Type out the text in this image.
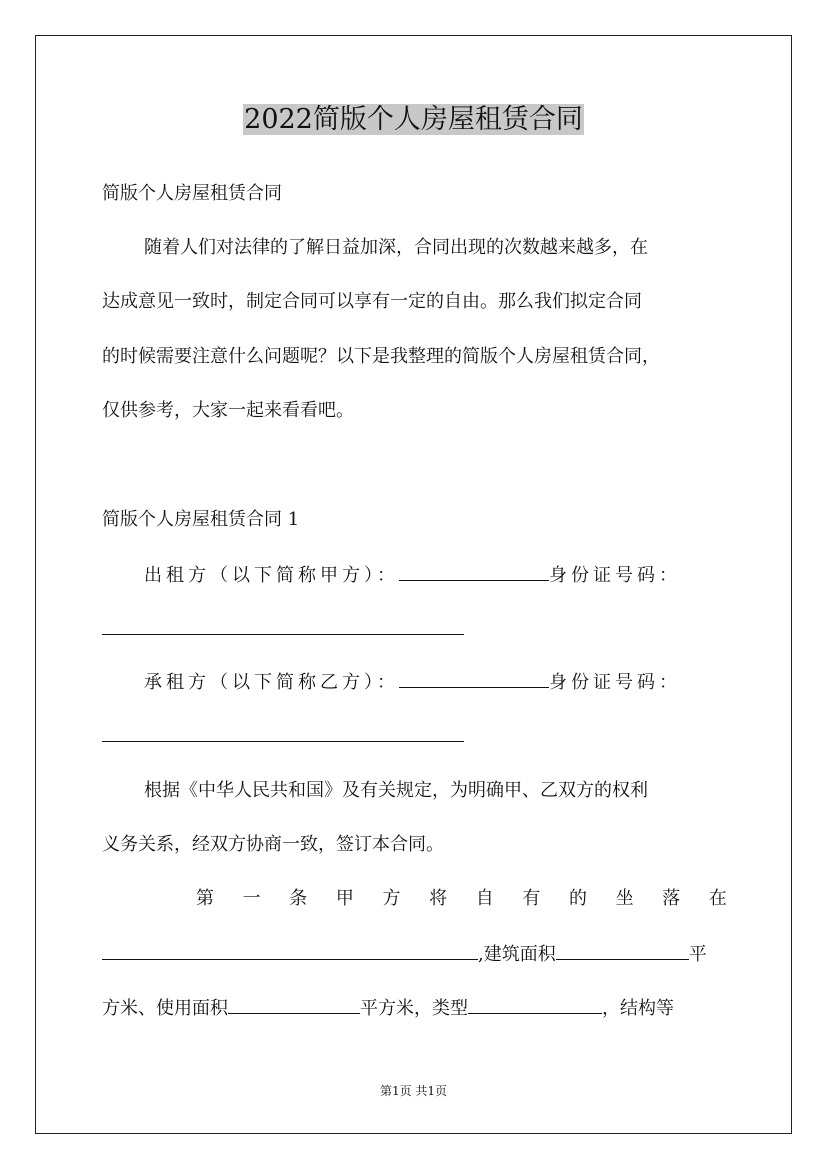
2022简版个人房屋租赁合同
简版个人房屋租赁合同
随着人们对法律的了解日益加深，合同出现的次数越来越多，在
达成意见一致时，制定合同可以享有一定的自由。那么我们拟定合同
的时候需要注意什么问题呢？以下是我整理的简版个人房屋租赁合同，
仅供参考，大家一起来看看吧。
简版个人房屋租赁合同 1
出租方（以下简称甲方）：	身份证号码：
承租方（以下简称乙方）：	身份证号码：
根据《中华人民共和国》及有关规定，为明确甲、乙双方的权利
义务关系，经双方协商一致，签订本合同。
第 一 条 甲 方 将 自 有 的 坐 落 在
,建筑面积	平
方米、使用面积	平方米，类型	，结构等
第1页 共1页
